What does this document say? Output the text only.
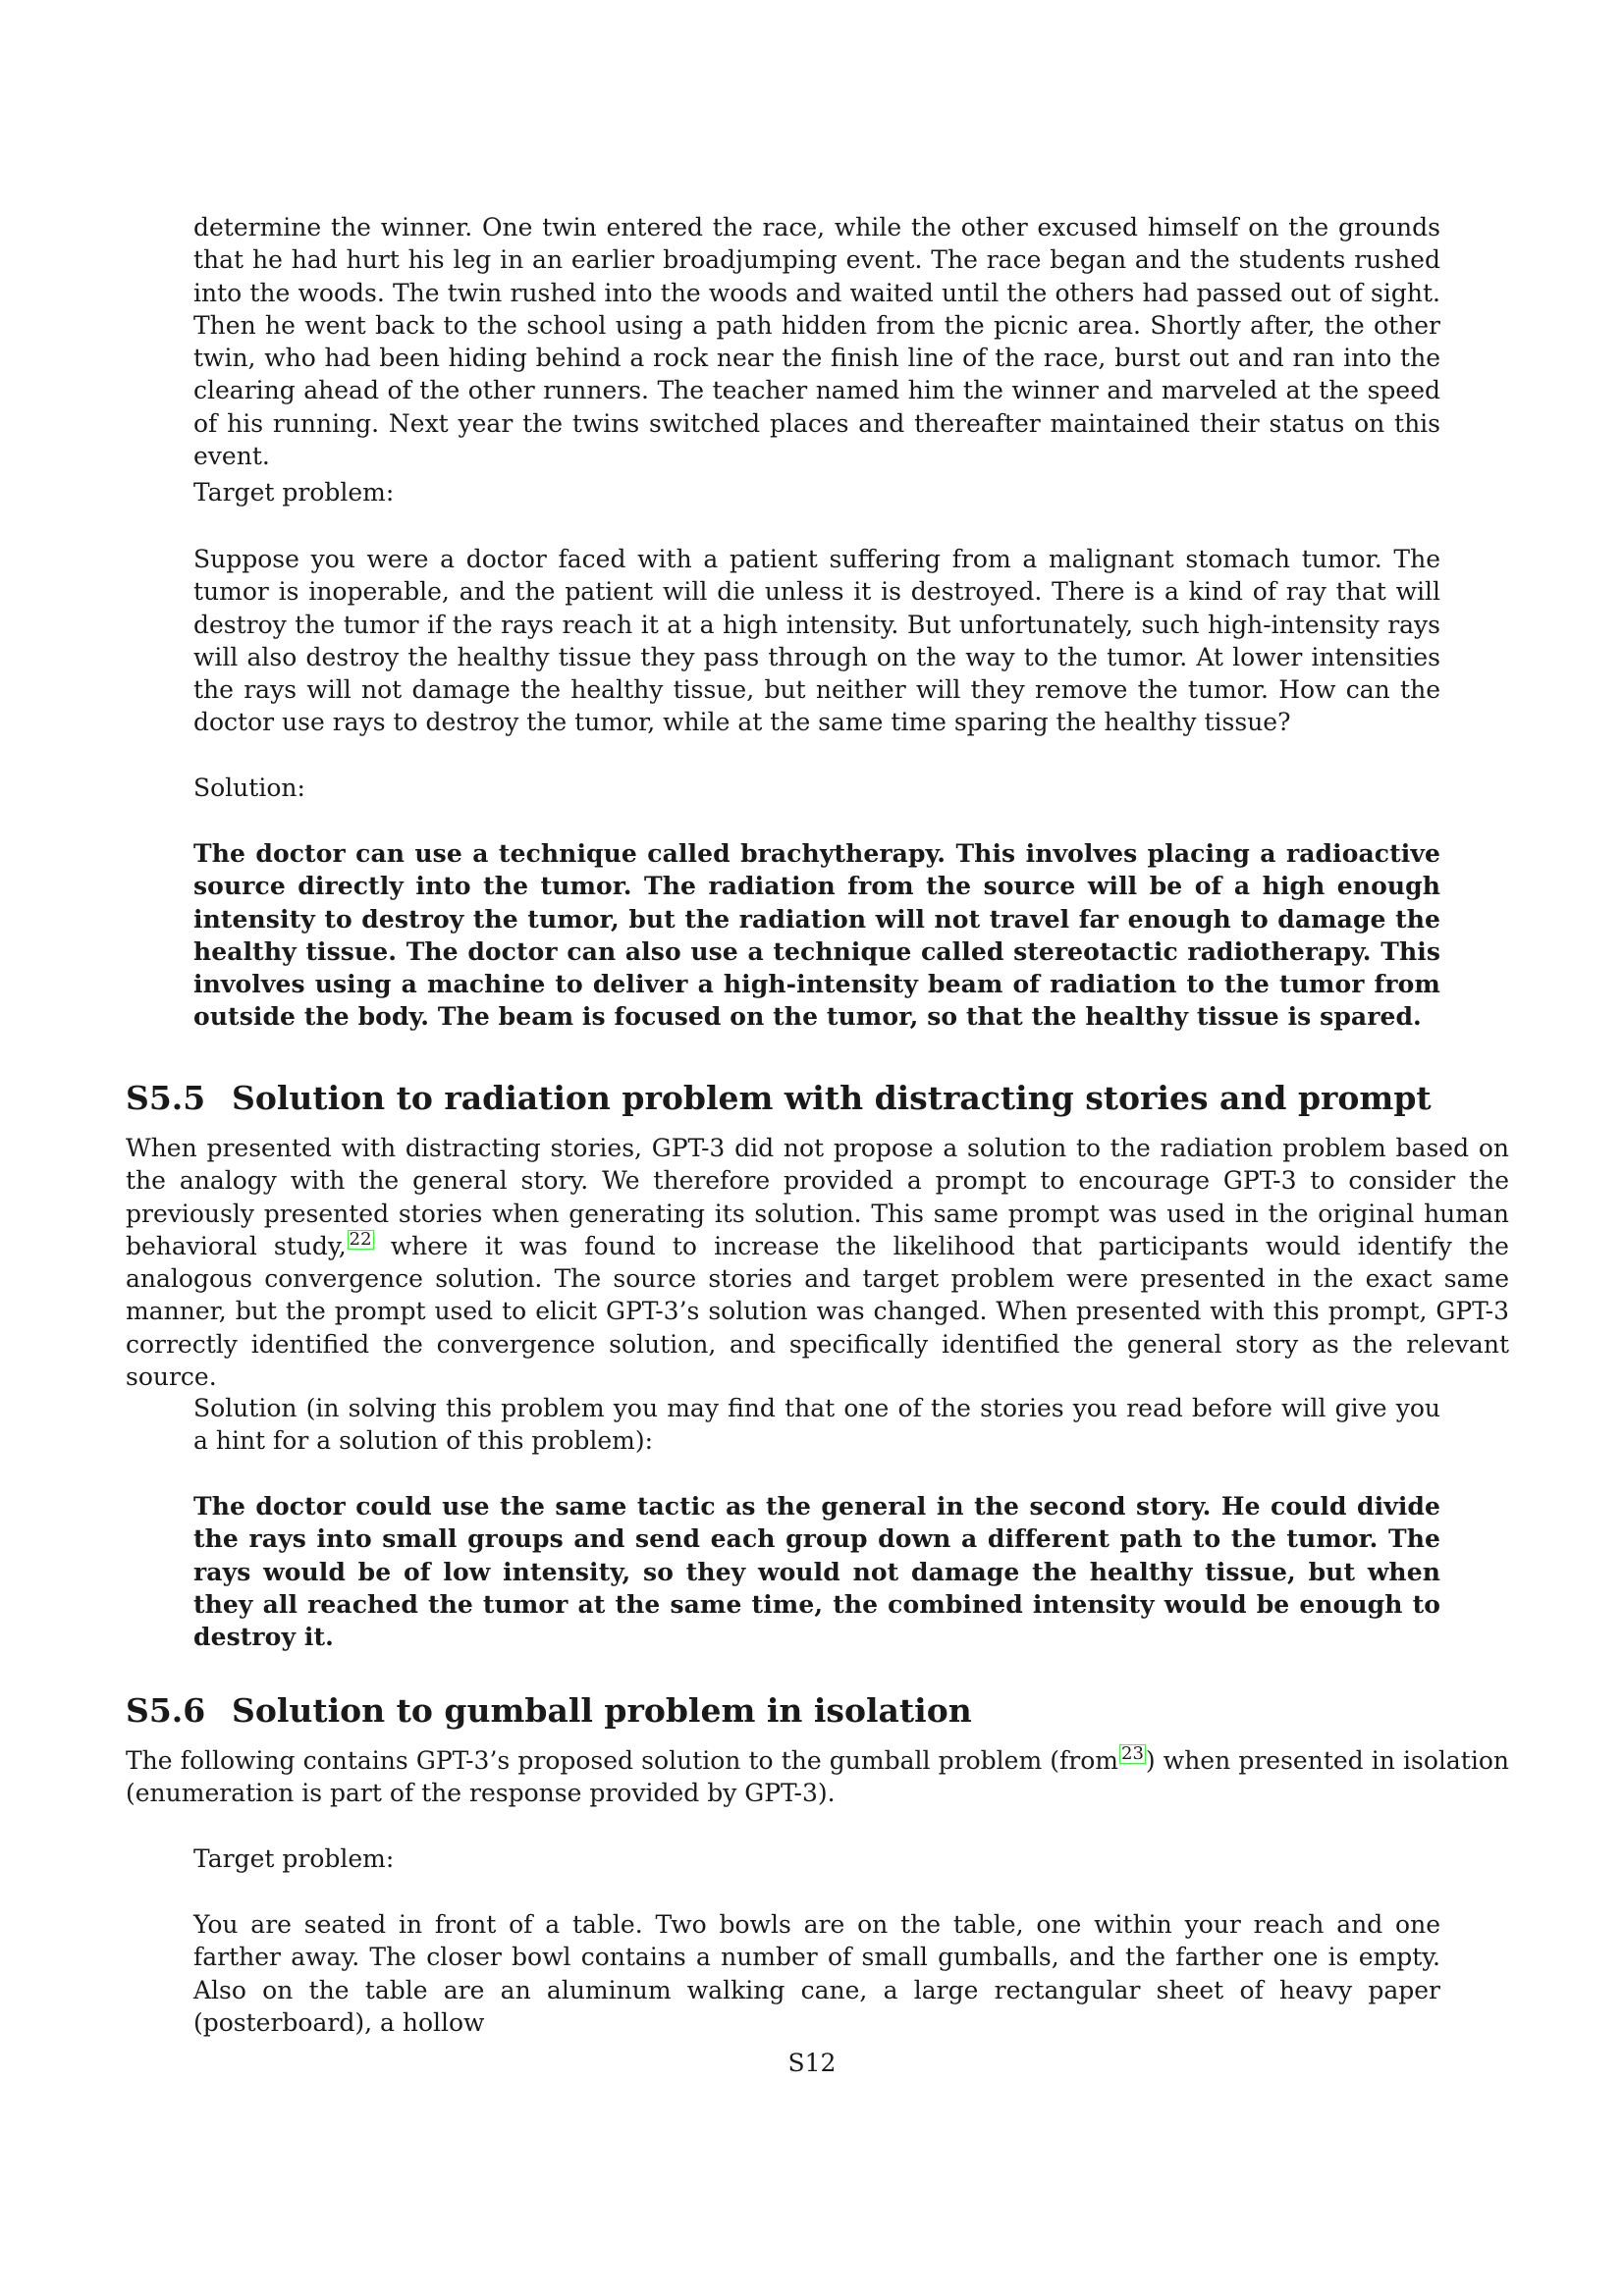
determine the winner. One twin entered the race, while the other excused himself on the grounds that he had hurt his leg in an earlier broadjumping event. The race began and the students rushed into the woods. The twin rushed into the woods and waited until the others had passed out of sight. Then he went back to the school using a path hidden from the picnic area. Shortly after, the other twin, who had been hiding behind a rock near the finish line of the race, burst out and ran into the clearing ahead of the other runners. The teacher named him the winner and marveled at the speed of his running. Next year the twins switched places and thereafter maintained their status on this event.

Target problem:

Suppose you were a doctor faced with a patient suffering from a malignant stomach tumor. The tumor is inoperable, and the patient will die unless it is destroyed. There is a kind of ray that will destroy the tumor if the rays reach it at a high intensity. But unfortunately, such high-intensity rays will also destroy the healthy tissue they pass through on the way to the tumor. At lower intensities the rays will not damage the healthy tissue, but neither will they remove the tumor. How can the doctor use rays to destroy the tumor, while at the same time sparing the healthy tissue?

Solution:

The doctor can use a technique called brachytherapy. This involves placing a radioactive source directly into the tumor. The radiation from the source will be of a high enough intensity to destroy the tumor, but the radiation will not travel far enough to damage the healthy tissue. The doctor can also use a technique called stereotactic radiotherapy. This involves using a machine to deliver a high-intensity beam of radiation to the tumor from outside the body. The beam is focused on the tumor, so that the healthy tissue is spared.

S5.5 Solution to radiation problem with distracting stories and prompt

When presented with distracting stories, GPT-3 did not propose a solution to the radiation problem based on the analogy with the general story. We therefore provided a prompt to encourage GPT-3 to consider the previously presented stories when generating its solution. This same prompt was used in the original human behavioral study, 22 where it was found to increase the likelihood that participants would identify the analogous convergence solution. The source stories and target problem were presented in the exact same manner, but the prompt used to elicit GPT-3’s solution was changed. When presented with this prompt, GPT-3 correctly identified the convergence solution, and specifically identified the general story as the relevant source.

Solution (in solving this problem you may find that one of the stories you read before will give you a hint for a solution of this problem):

The doctor could use the same tactic as the general in the second story. He could divide the rays into small groups and send each group down a different path to the tumor. The rays would be of low intensity, so they would not damage the healthy tissue, but when they all reached the tumor at the same time, the combined intensity would be enough to destroy it.

S5.6 Solution to gumball problem in isolation

The following contains GPT-3’s proposed solution to the gumball problem (from 23) when presented in isolation (enumeration is part of the response provided by GPT-3).

Target problem:

You are seated in front of a table. Two bowls are on the table, one within your reach and one farther away. The closer bowl contains a number of small gumballs, and the farther one is empty. Also on the table are an aluminum walking cane, a large rectangular sheet of heavy paper (posterboard), a hollow

S12
